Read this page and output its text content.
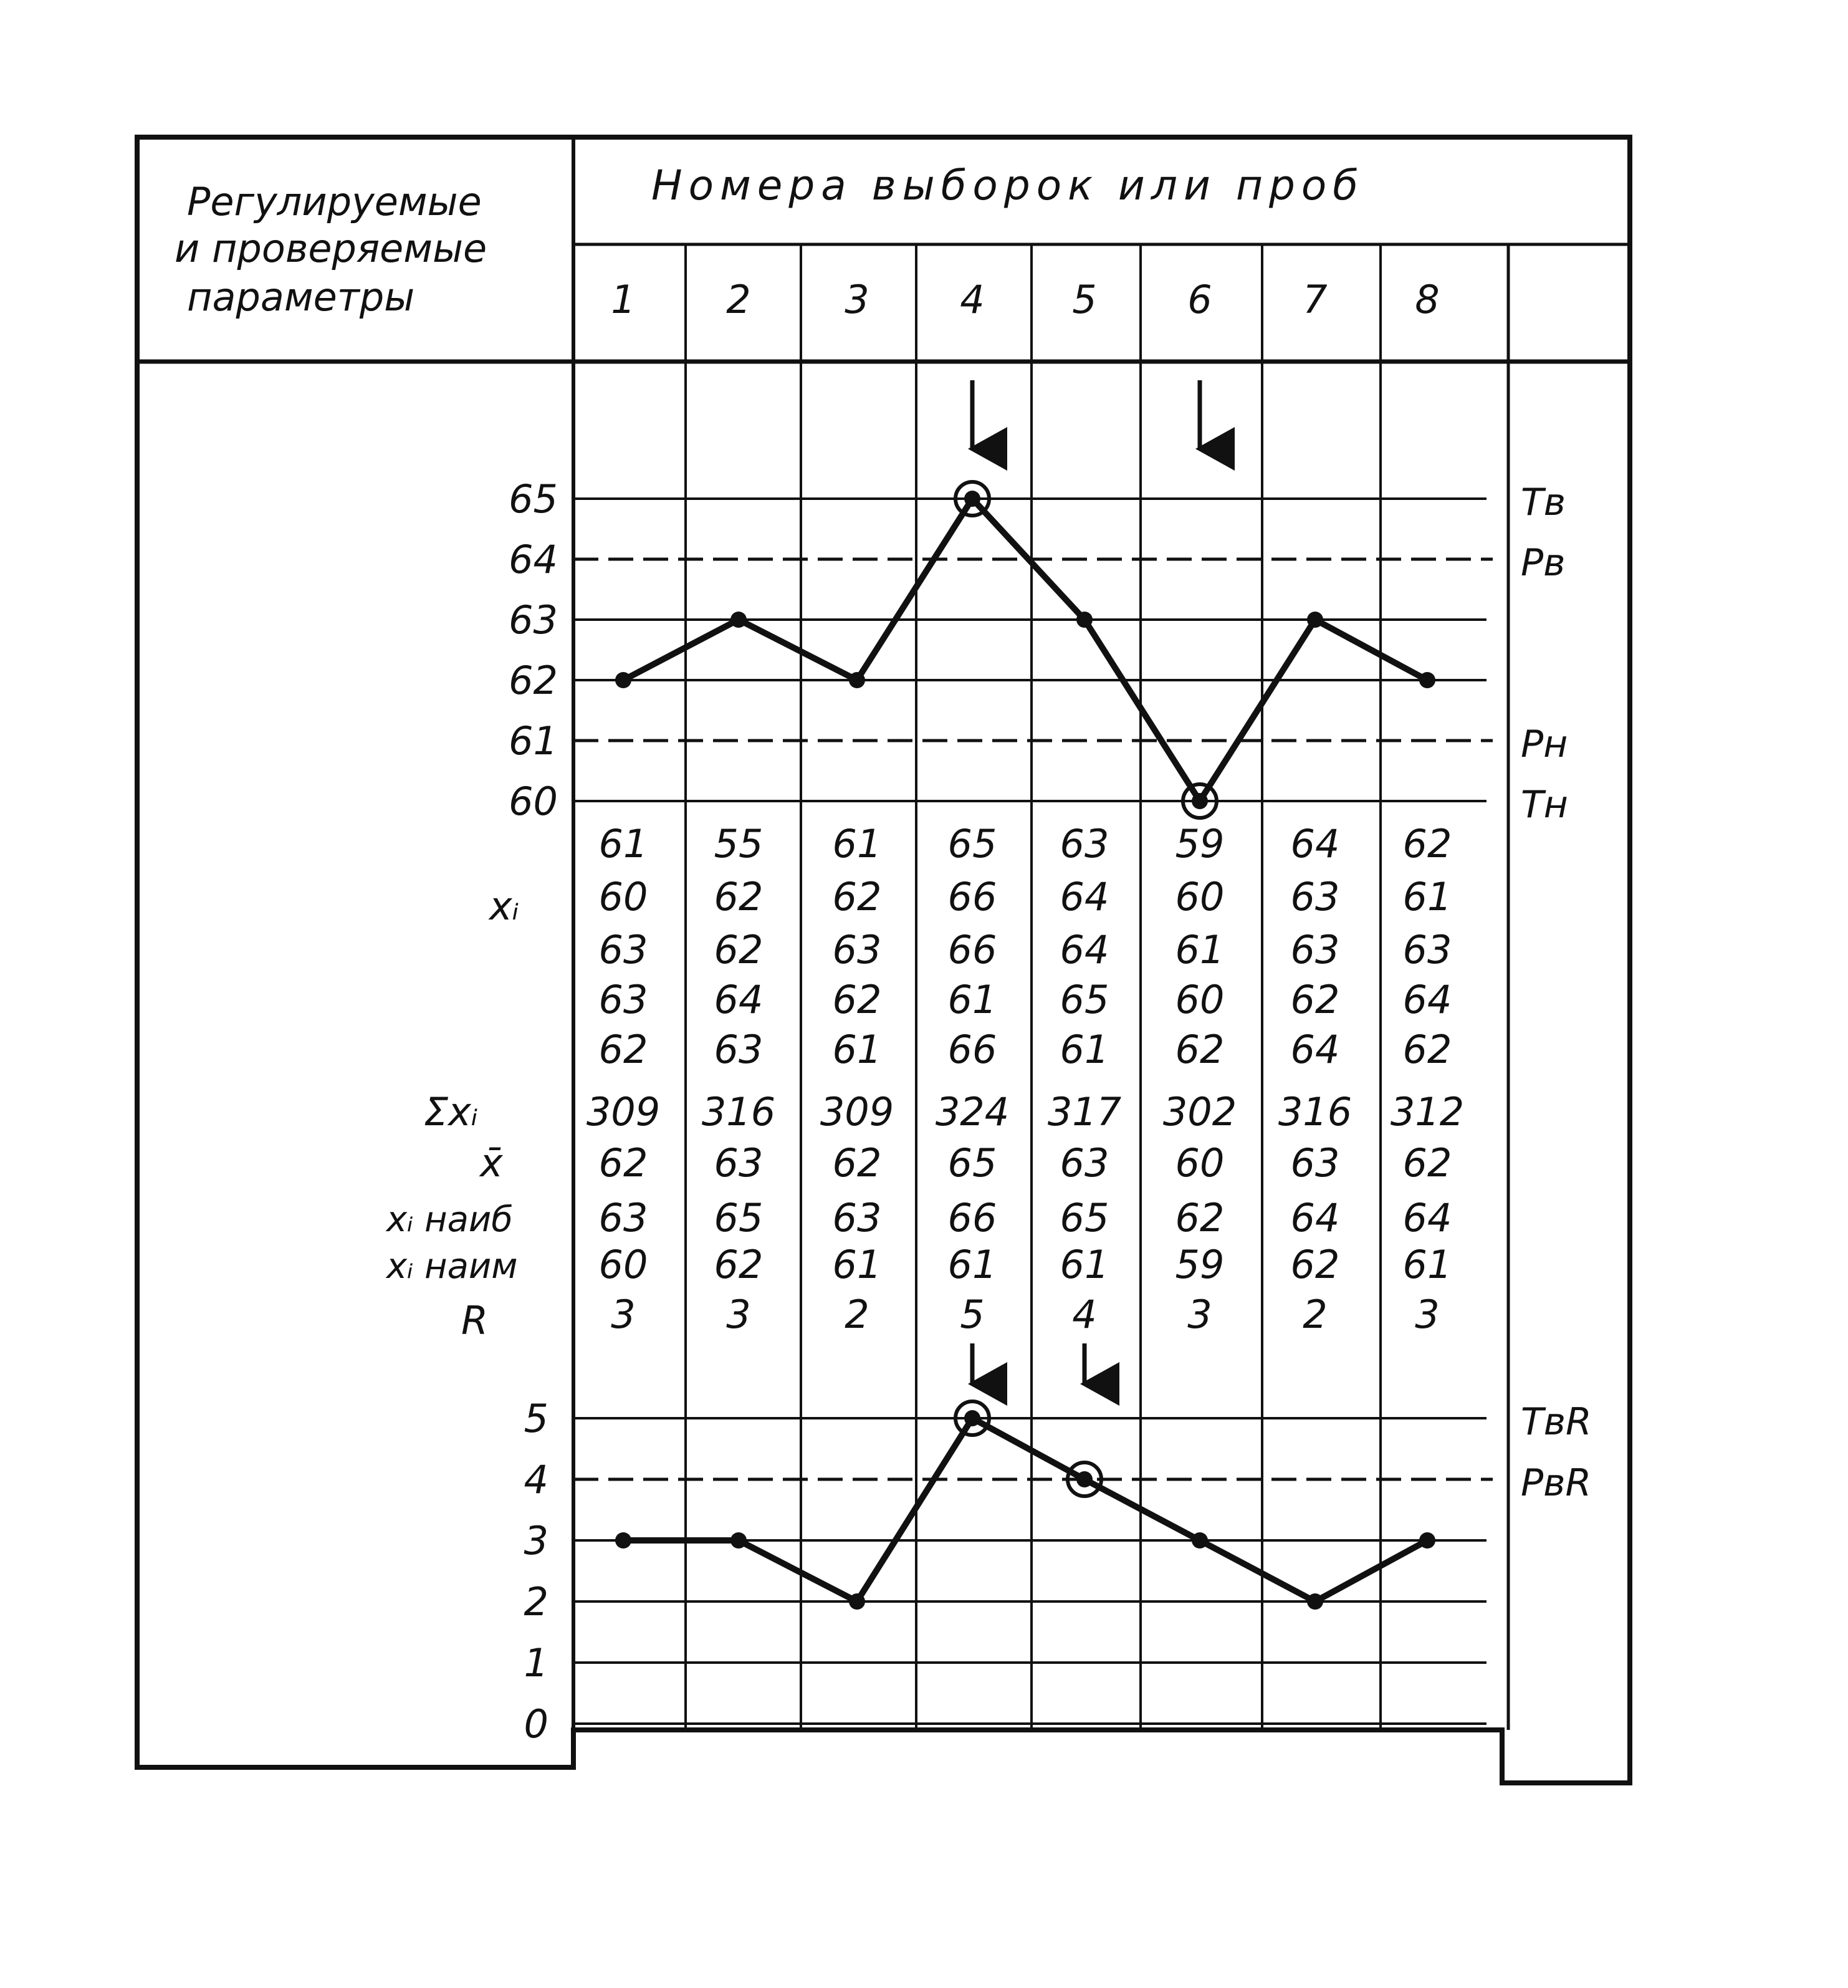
Регулируемые
и проверяемые
параметры
Номера выборок или проб
1 2 3 4 5 6 7 8
65
64
63
62
61
60
Tв
Pв
Pн
Tн
5
4
3
2
1
0
TвR
PвR
xᵢ
Σxᵢ
x̄
xᵢ наиб
xᵢ наим
R
61 55 61 65 63 59 64 62
60 62 62 66 64 60 63 61
63 62 63 66 64 61 63 63
63 64 62 61 65 60 62 64
62 63 61 66 61 62 64 62
309 316 309 324 317 302 316 312
62 63 62 65 63 60 63 62
63 65 63 66 65 62 64 64
60 62 61 61 61 59 62 61
3 3 2 5 4 3 2 3
